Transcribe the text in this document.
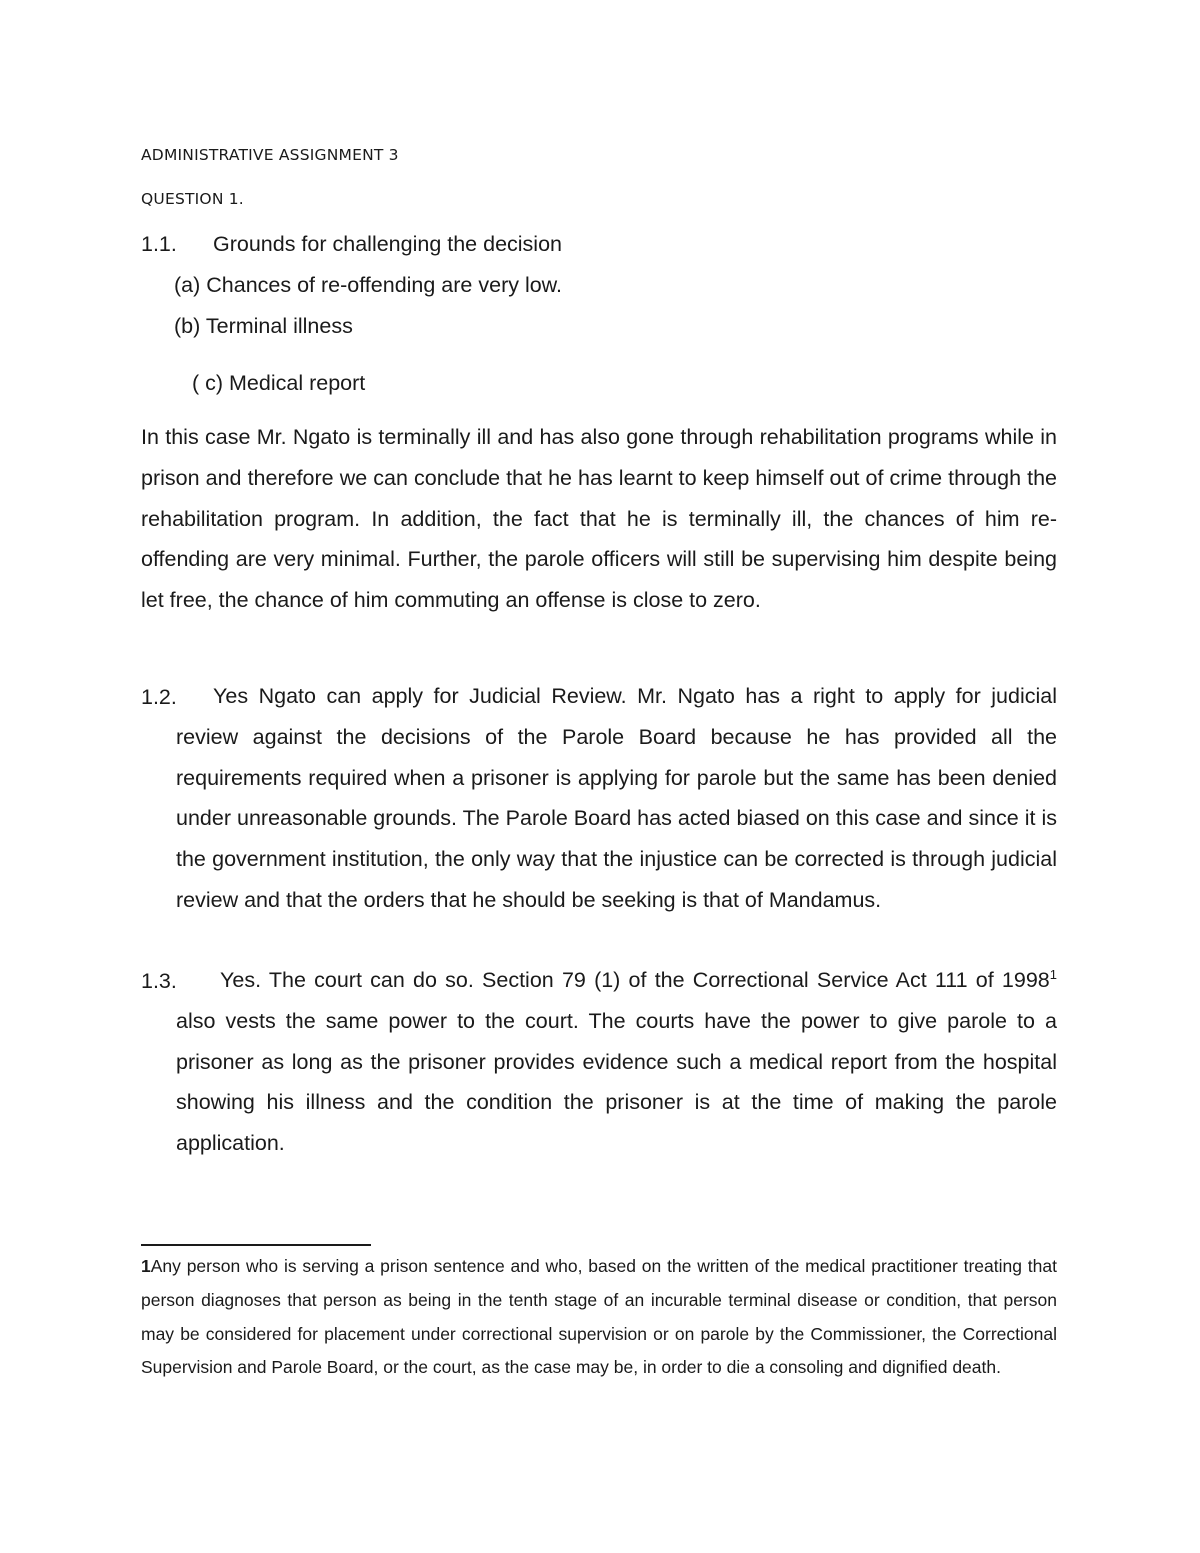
ADMINISTRATIVE ASSIGNMENT 3
QUESTION 1.
1.1. Grounds for challenging the decision
(a) Chances of re-offending are very low.
(b) Terminal illness
( c) Medical report
In this case Mr. Ngato is terminally ill and has also gone through rehabilitation programs while in prison and therefore we can conclude that he has learnt to keep himself out of crime through the rehabilitation program. In addition, the fact that he is terminally ill, the chances of him re-offending are very minimal. Further, the parole officers will still be supervising him despite being let free, the chance of him commuting an offense is close to zero.
1.2.	Yes Ngato can apply for Judicial Review. Mr. Ngato has a right to apply for judicial review against the decisions of the Parole Board because he has provided all the requirements required when a prisoner is applying for parole but the same has been denied under unreasonable grounds. The Parole Board has acted biased on this case and since it is the government institution, the only way that the injustice can be corrected is through judicial review and that the orders that he should be seeking is that of Mandamus.
1.3.	Yes. The court can do so. Section 79 (1) of the Correctional Service Act 111 of 1998$^1$ also vests the same power to the court. The courts have the power to give parole to a prisoner as long as the prisoner provides evidence such a medical report from the hospital showing his illness and the condition the prisoner is at the time of making the parole application.
1Any person who is serving a prison sentence and who, based on the written of the medical practitioner treating that person diagnoses that person as being in the tenth stage of an incurable terminal disease or condition, that person may be considered for placement under correctional supervision or on parole by the Commissioner, the Correctional Supervision and Parole Board, or the court, as the case may be, in order to die a consoling and dignified death.
